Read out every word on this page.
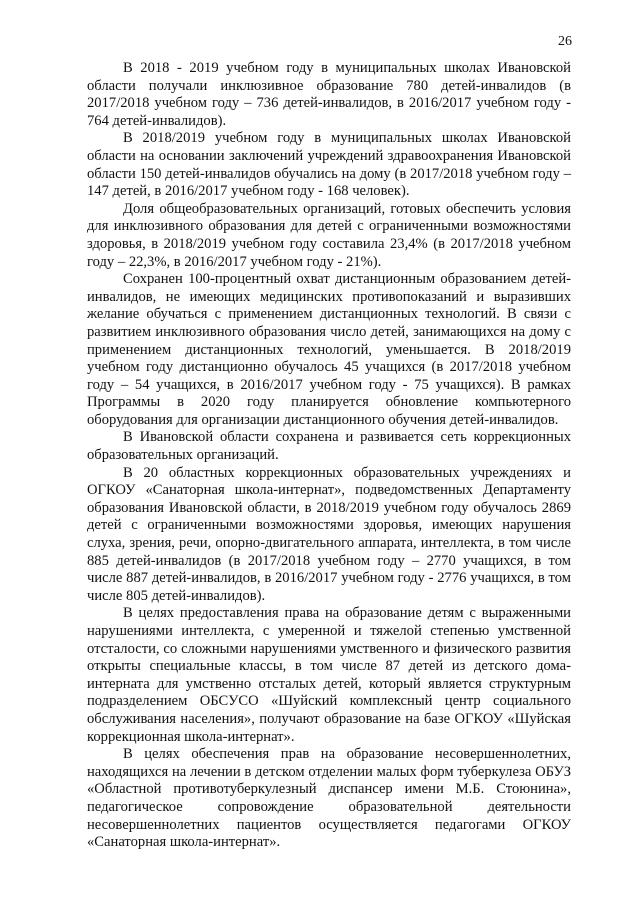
26

В 2018 - 2019 учебном году в муниципальных школах Ивановской области получали инклюзивное образование 780 детей-инвалидов (в 2017/2018 учебном году – 736 детей-инвалидов, в 2016/2017 учебном году - 764 детей-инвалидов).

В 2018/2019 учебном году в муниципальных школах Ивановской области на основании заключений учреждений здравоохранения Ивановской области 150 детей-инвалидов обучались на дому (в 2017/2018 учебном году – 147 детей, в 2016/2017 учебном году - 168 человек).

Доля общеобразовательных организаций, готовых обеспечить условия для инклюзивного образования для детей с ограниченными возможностями здоровья, в 2018/2019 учебном году составила 23,4% (в 2017/2018 учебном году – 22,3%, в 2016/2017 учебном году - 21%).

Сохранен 100-процентный охват дистанционным образованием детей-инвалидов, не имеющих медицинских противопоказаний и выразивших желание обучаться с применением дистанционных технологий. В связи с развитием инклюзивного образования число детей, занимающихся на дому с применением дистанционных технологий, уменьшается. В 2018/2019 учебном году дистанционно обучалось 45 учащихся (в 2017/2018 учебном году – 54 учащихся, в 2016/2017 учебном году - 75 учащихся). В рамках Программы в 2020 году планируется обновление компьютерного оборудования для организации дистанционного обучения детей-инвалидов.

В Ивановской области сохранена и развивается сеть коррекционных образовательных организаций.

В 20 областных коррекционных образовательных учреждениях и ОГКОУ «Санаторная школа-интернат», подведомственных Департаменту образования Ивановской области, в 2018/2019 учебном году обучалось 2869 детей с ограниченными возможностями здоровья, имеющих нарушения слуха, зрения, речи, опорно-двигательного аппарата, интеллекта, в том числе 885 детей-инвалидов (в 2017/2018 учебном году – 2770 учащихся, в том числе 887 детей-инвалидов, в 2016/2017 учебном году - 2776 учащихся, в том числе 805 детей-инвалидов).

В целях предоставления права на образование детям с выраженными нарушениями интеллекта, с умеренной и тяжелой степенью умственной отсталости, со сложными нарушениями умственного и физического развития открыты специальные классы, в том числе 87 детей из детского дома-интерната для умственно отсталых детей, который является структурным подразделением ОБСУСО «Шуйский комплексный центр социального обслуживания населения», получают образование на базе ОГКОУ «Шуйская коррекционная школа-интернат».

В целях обеспечения прав на образование несовершеннолетних, находящихся на лечении в детском отделении малых форм туберкулеза ОБУЗ «Областной противотуберкулезный диспансер имени М.Б. Стоюнина», педагогическое сопровождение образовательной деятельности несовершеннолетних пациентов осуществляется педагогами ОГКОУ «Санаторная школа-интернат».
